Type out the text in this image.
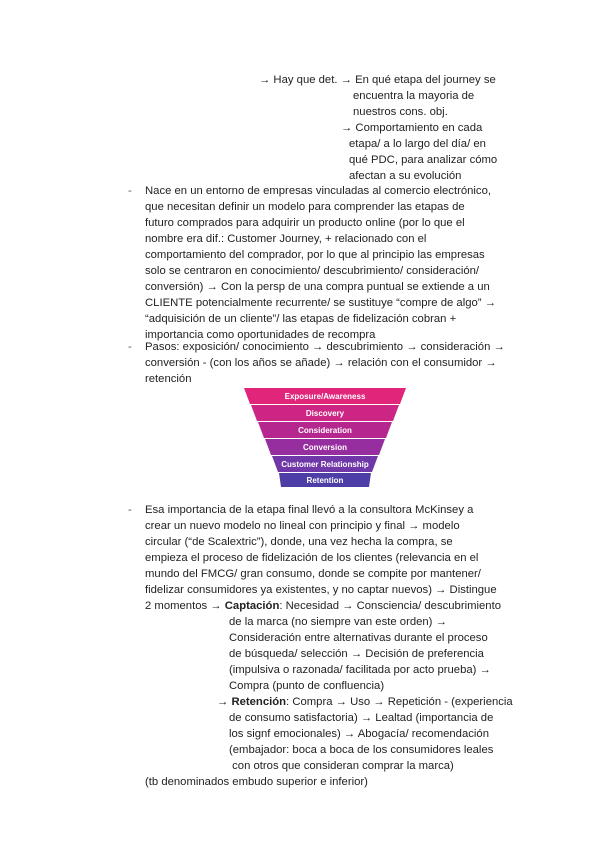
→ Hay que det. → En qué etapa del journey se
encuentra la mayoria de
nuestros cons. obj.
→ Comportamiento en cada
etapa/ a lo largo del día/ en
qué PDC, para analizar cómo
afectan a su evolución
- Nace en un entorno de empresas vinculadas al comercio electrónico,
que necesitan definir un modelo para comprender las etapas de
futuro comprados para adquirir un producto online (por lo que el
nombre era dif.: Customer Journey, + relacionado con el
comportamiento del comprador, por lo que al principio las empresas
solo se centraron en conocimiento/ descubrimiento/ consideración/
conversión) → Con la persp de una compra puntual se extiende a un
CLIENTE potencialmente recurrente/ se sustituye “compre de algo” →
“adquisición de un cliente”/ las etapas de fidelización cobran +
importancia como oportunidades de recompra
- Pasos: exposición/ conocimiento → descubrimiento → consideración →
conversión - (con los años se añade) → relación con el consumidor →
retención
Exposure/Awareness
Discovery
Consideration
Conversion
Customer Relationship
Retention
- Esa importancia de la etapa final llevó a la consultora McKinsey a
crear un nuevo modelo no lineal con principio y final → modelo
circular (“de Scalextric”), donde, una vez hecha la compra, se
empieza el proceso de fidelización de los clientes (relevancia en el
mundo del FMCG/ gran consumo, donde se compite por mantener/
fidelizar consumidores ya existentes, y no captar nuevos) → Distingue
2 momentos → Captación: Necesidad → Consciencia/ descubrimiento
de la marca (no siempre van este orden) →
Consideración entre alternativas durante el proceso
de búsqueda/ selección → Decisión de preferencia
(impulsiva o razonada/ facilitada por acto prueba) →
Compra (punto de confluencia)
→ Retención: Compra → Uso → Repetición - (experiencia
de consumo satisfactoria) → Lealtad (importancia de
los signf emocionales) → Abogacía/ recomendación
(embajador: boca a boca de los consumidores leales
con otros que consideran comprar la marca)
(tb denominados embudo superior e inferior)
